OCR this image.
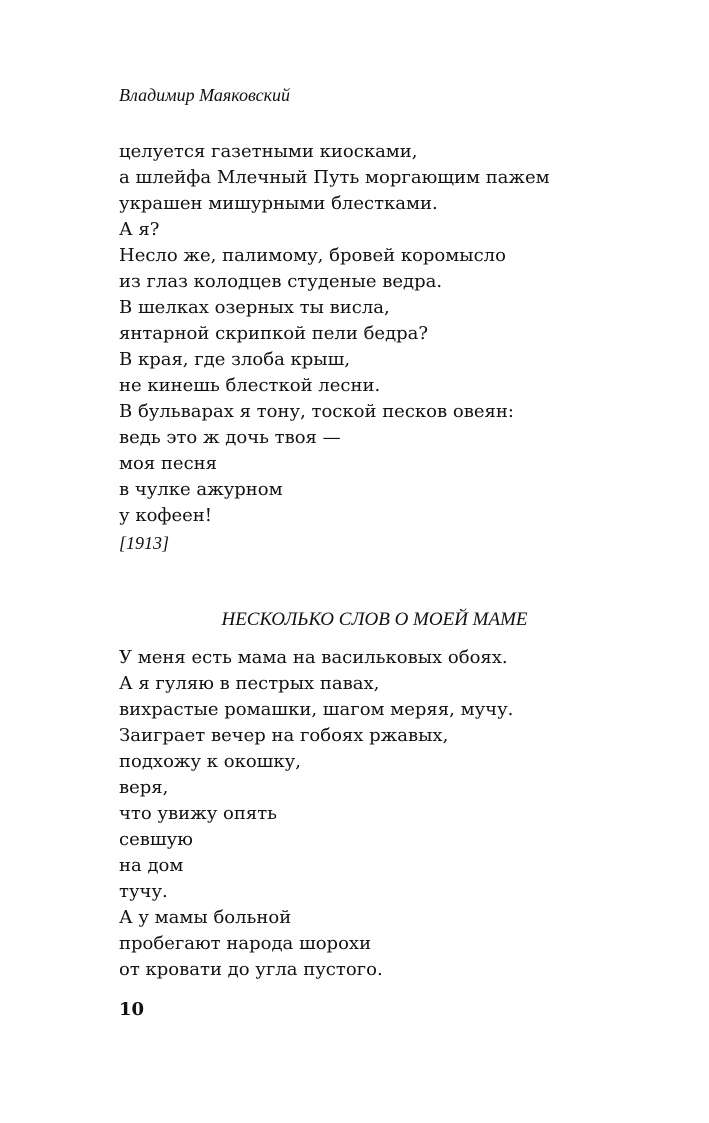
Владимир Маяковский
целуется газетными киосками,
а шлейфа Млечный Путь моргающим пажем
украшен мишурными блестками.
А я?
Несло же, палимому, бровей коромысло
из глаз колодцев студеные ведра.
В шелках озерных ты висла,
янтарной скрипкой пели бедра?
В края, где злоба крыш,
не кинешь блесткой лесни.
В бульварах я тону, тоской песков овеян:
ведь это ж дочь твоя —
моя песня
в чулке ажурном
у кофеен!
[1913]
НЕСКОЛЬКО СЛОВ О МОЕЙ МАМЕ
У меня есть мама на васильковых обоях.
А я гуляю в пестрых павах,
вихрастые ромашки, шагом меряя, мучу.
Заиграет вечер на гобоях ржавых,
подхожу к окошку,
веря,
что увижу опять
севшую
на дом
тучу.
А у мамы больной
пробегают народа шорохи
от кровати до угла пустого.
10
